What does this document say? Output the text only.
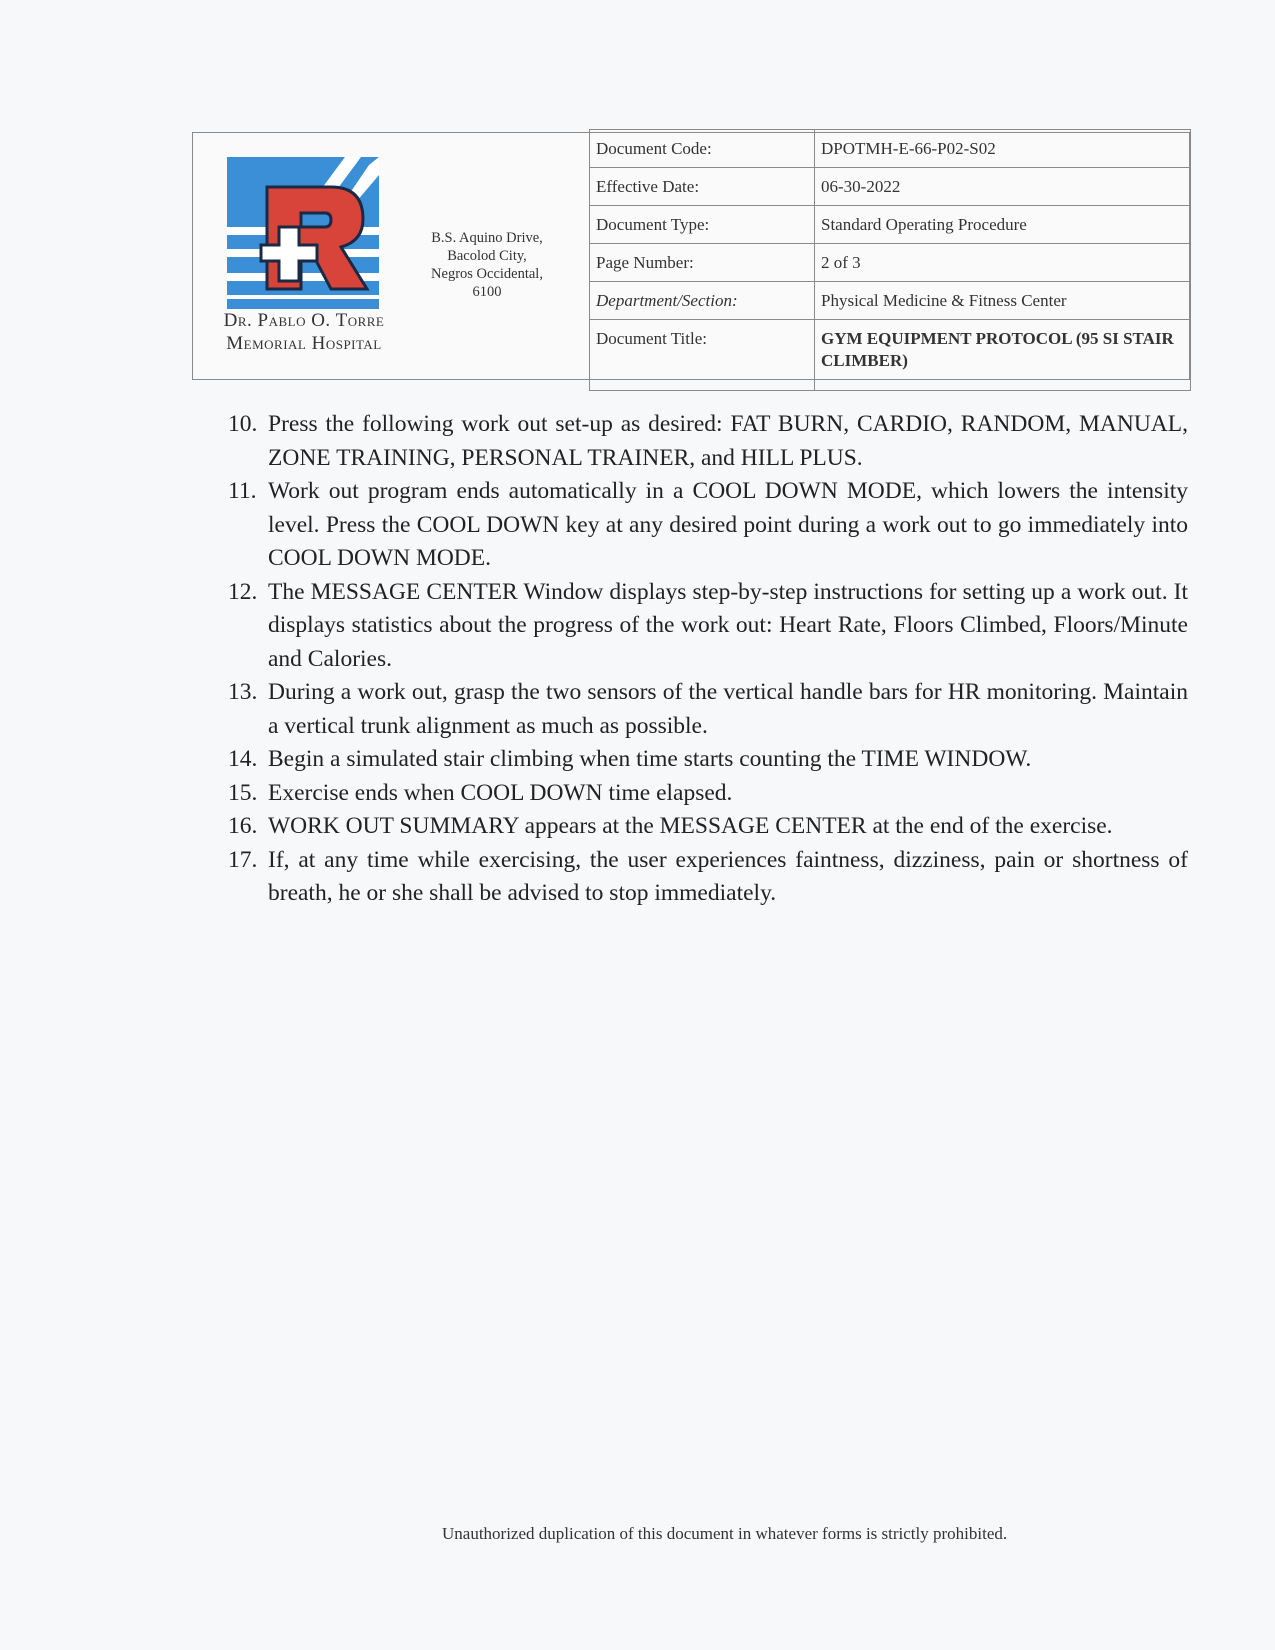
Dr. Pablo O. Torre
Memorial Hospital
B.S. Aquino Drive,
Bacolod City,
Negros Occidental,
6100
Document Code:	DPOTMH-E-66-P02-S02
Effective Date:	06-30-2022
Document Type:	Standard Operating Procedure
Page Number:	2 of 3
Department/Section:	Physical Medicine & Fitness Center
Document Title:	GYM EQUIPMENT PROTOCOL (95 SI STAIR CLIMBER)
10. Press the following work out set-up as desired: FAT BURN, CARDIO, RANDOM, MANUAL, ZONE TRAINING, PERSONAL TRAINER, and HILL PLUS.
11. Work out program ends automatically in a COOL DOWN MODE, which lowers the intensity level. Press the COOL DOWN key at any desired point during a work out to go immediately into COOL DOWN MODE.
12. The MESSAGE CENTER Window displays step-by-step instructions for setting up a work out. It displays statistics about the progress of the work out: Heart Rate, Floors Climbed, Floors/Minute and Calories.
13. During a work out, grasp the two sensors of the vertical handle bars for HR monitoring. Maintain a vertical trunk alignment as much as possible.
14. Begin a simulated stair climbing when time starts counting the TIME WINDOW.
15. Exercise ends when COOL DOWN time elapsed.
16. WORK OUT SUMMARY appears at the MESSAGE CENTER at the end of the exercise.
17. If, at any time while exercising, the user experiences faintness, dizziness, pain or shortness of breath, he or she shall be advised to stop immediately.
Unauthorized duplication of this document in whatever forms is strictly prohibited.
